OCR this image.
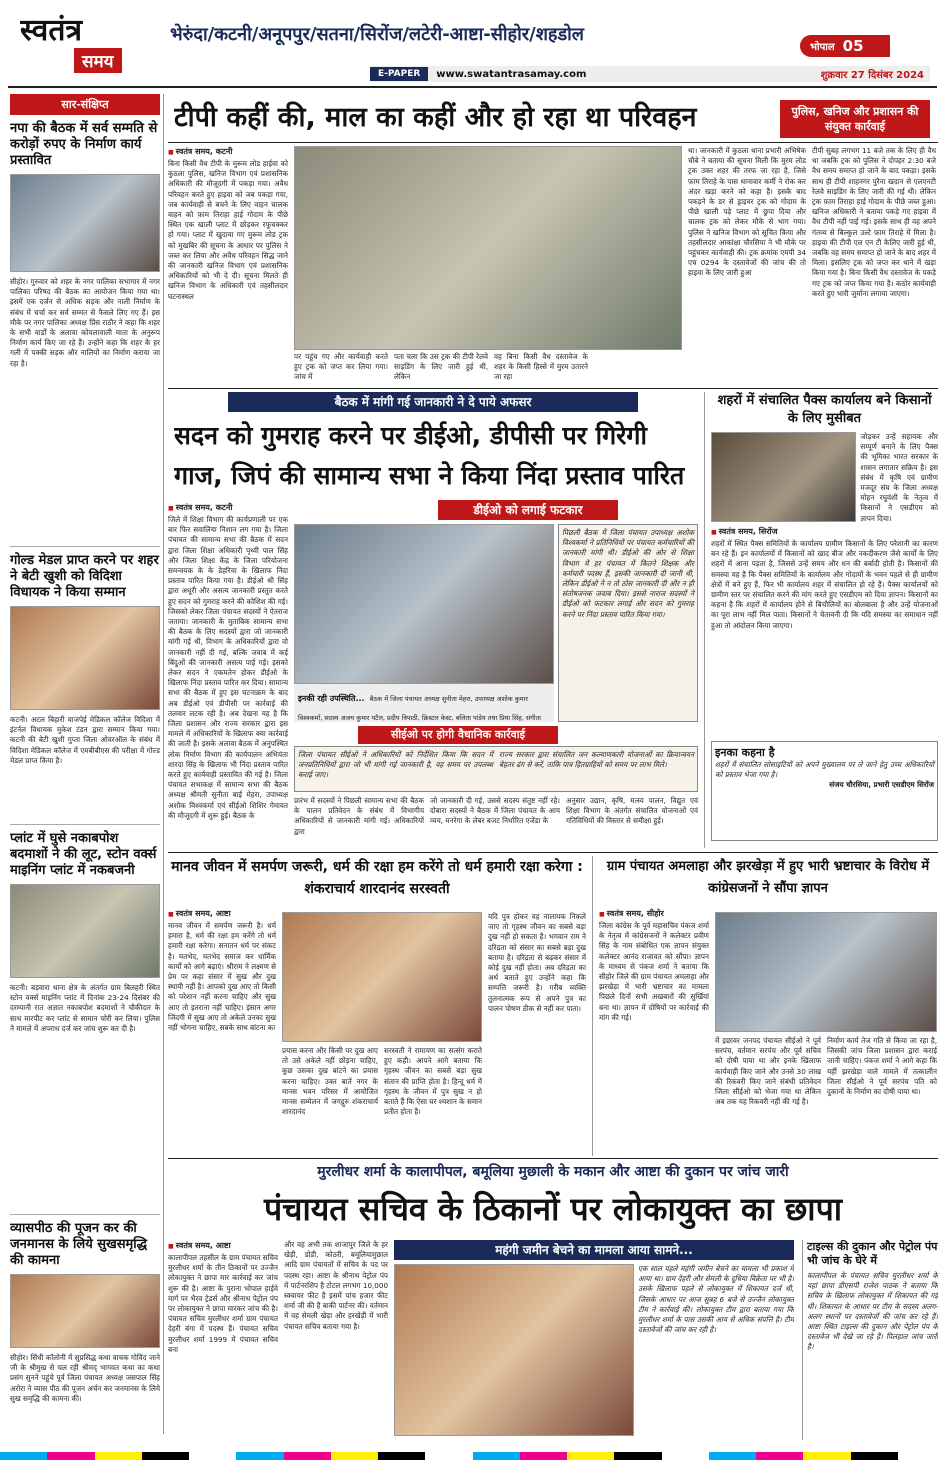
स्वतंत्र
समय
भेरुंदा/कटनी/अनूपपुर/सतना/सिरोंज/लटेरी-आष्टा-सीहोर/शहडोल
भोपाल 05
E-PAPER	www.swatantrasamay.com	शुक्रवार 27 दिसंबर 2024
सार-संक्षिप्त
नपा की बैठक में सर्व सम्मति से करोड़ों रुपए के निर्माण कार्य प्रस्तावित
सीहोर। गुरुवार को शहर के नगर पालिका सभागार में नगर पालिका परिषद की बैठक का आयोजन किया गया था। इसमें एक दर्जन से अधिक सड़क और नाली निर्माण के संबंध में चर्चा कर सर्व सम्मत से फैसले लिए गए हैं। इस मौके पर नगर पालिका अध्यक्ष प्रिंस राठौर ने कहा कि शहर के सभी वार्डों के अलावा कोयलावाली माता के अनुरूप निर्माण कार्य किए जा रहे हैं। उन्होंने कहा कि शहर के हर गली में पक्की सड़क और नालियों का निर्माण कराया जा रहा है।
गोल्ड मेडल प्राप्त करने पर शहर ने बेटी खुशी को विदिशा विधायक ने किया सम्मान
कटनी। अटल बिहारी वाजपेई मेडिकल कॉलेज विदिशा में इंटर्नल विधायक मुकेश टंडन द्वारा सम्मान किया गया। कटनी की बेटी खुशी गुप्ता जिला ओवरऑल के संबंध में विदिशा मेडिकल कॉलेज में एमबीबीएस की परीक्षा में गोल्ड मेडल प्राप्त किया है।
प्लांट में घुसे नकाबपोश बदमाशों ने की लूट, स्टोन वर्क्स माइनिंग प्लांट में नकबजनी
कटनी। बड़वारा थाना क्षेत्र के अंतर्गत ग्राम बिलहरी स्थित स्टोन वर्क्स माइनिंग प्लांट में दिनांक 23-24 दिसंबर की दरम्यानी रात अज्ञात नकाबपोश बदमाशों ने चौकीदार के साथ मारपीट कर प्लांट से सामान चोरी कर लिया। पुलिस ने मामले में अपराध दर्ज कर जांच शुरू कर दी है।
व्यासपीठ की पूजन कर की जनमानस के लिये सुखसमृद्धि की कामना
सीहोर। सिंधी कॉलोनी में सुप्रसिद्ध कथा वाचक गोविंद जाने जी के श्रीमुख से चल रही श्रीमद् भागवत कथा का कथा प्रसंग सुनने पहुंचे पूर्व जिला पंचायत अध्यक्ष जसपाल सिंह अरोरा ने व्यास पीठ की पूजन अर्चन कर जनमानस के लिये सुख समृद्धि की कामना की।
टीपी कहीं की, माल का कहीं और हो रहा था परिवहन	पुलिस, खनिज और प्रशासन की संयुक्त कार्रवाई
■ स्वतंत्र समय, कटनी
बिना किसी वैध टीपी के मुरूम लोड हाईवा को कुठला पुलिस, खनिज विभाग एवं प्रशासनिक अधिकारी की मौजूदगी में पकड़ा गया। अवैध परिवहन करते हुए हाइवा को जब पकड़ा गया, जब कार्यवाही से बचने के लिए वाहन चालक वाहन को फ़ाम तिराहा हाई गोदाम के पीछे स्थित एक खाली प्लाट में छोड़कर रफूचक्कर हो गया। प्लाट में खुदाया गए मुरूम लोड ट्रक को मुखबिर की सूचना के आधार पर पुलिस ने जब्त कर लिया और अवैध परिवहन सिद्ध जाने की जानकारी खनिज विभाग एवं प्रशासनिक अधिकारियों को भी दे दी। सूचना मिलते ही खनिज विभाग के अधिकारी एवं तहसीलदार घटनास्थल
पर पहुंच गए और कार्यवाही करते हुए ट्रक को जप्त कर लिया गया। जांच में
पता चला कि उस ट्रक की टीपी रेलवे साइडिंग के लिए जारी हुई थी, लेकिन
वह बिना किसी वैध दस्तावेज के शहर के किसी हिस्से में मुरम उतारने जा रहा
था। जानकारी में कुठला थाना प्रभारी अभिषेक चौबे ने बताया की सूचना मिली कि मुरम लोड ट्रक उक्त शहर की तरफ जा रहा है, जिसे फ़ाम तिराहे के पास थानावार कर्मी ने रोक कर अंदर खड़ा करने को कहा है। इसके बाद पकड़ने के डर से ड्राइवर ट्रक को गोदाम के पीछे खाली पड़े प्लाट में छुपा दिया और चालक ट्रक को लेकर मौके से भाग गया। पुलिस ने खनिज विभाग को सूचित किया और तहसीलदार आकांक्षा चौरसिया ने भी मौके पर पहुंचकर कार्यवाही की। ट्रक क्रमांक एमपी 34 एच 0294 के दस्तावेजों की जांच की तो हाइवा के लिए जारी हुआ
टीपी सुबह लगभग 11 बजे तक के लिए ही वैध था जबकि ट्रक को पुलिस ने दोपहर 2:30 बजे वैध समय समाप्त हो जाने के बाद पकड़ा। इसके साथ ही टीपी शाहनगर पुरैना खदान से एलएनटी रेलवे साइडिंग के लिए जारी की गई थी। लेकिन ट्रक फ़ाम तिराहा हाई गोदाम के पीछे जब्त हुआ। खनिज अधिकारी ने बताया पकड़े गए हाइवा में वैध टीपी नहीं पाई गई। इसके साथ ही वह अपने गंतव्य से बिल्कुल उल्टे फ़ाम तिराहे में मिला है। हाइवा की टीपी एल एन टी केलिए जारी हुई थी, जबकि वह समय समाप्त हो जाने के बाद शहर में मिला। इसलिए ट्रक को जप्त कर थाने में खड़ा किया गया है। बिना किसी वैध दस्तावेज के पकड़े गए ट्रक को जप्त किया गया है। कठोर कार्यवाही करते हुए भारी जुर्माना लगाया जाएगा।
बैठक में मांगी गई जानकारी ने दे पाये अफसर
सदन को गुमराह करने पर डीईओ, डीपीसी पर गिरेगी गाज, जिपं की सामान्य सभा ने किया निंदा प्रस्ताव पारित
डीईओ को लगाई फटकार
■ स्वतंत्र समय, कटनी
जिले में शिक्षा विभाग की कार्यप्रणाली पर एक बार फिर सवालिया निशान लग गया है। जिला पंचायत की सामान्य सभा की बैठक में सदन द्वारा जिला शिक्षा अधिकारी पृथ्वी पाल सिंह और जिला शिक्षा केंद्र के जिला परियोजना समन्वयक के के डेहरिया के खिलाफ निंदा प्रस्ताव पारित किया गया है। डीईओ श्री सिंह द्वारा अधूरी और असत्य जानकारी प्रस्तुत करते हुए सदन को गुमराह करने की कोशिश की गई। जिसको लेकर जिला पंचायत सदस्यों ने ऐतराज जताया। जानकारी के मुताबिक सामान्य सभा की बैठक के लिए सदस्यों द्वारा जो जानकारी मांगी गई थी, विभाग के अधिकारियों द्वारा वो जानकारी नहीं दी गई, बल्कि जवाब में कई बिंदुओं की जानकारी असत्य पाई गई। इसको लेकर सदन ने एकमतेन होकर डीईओ के खिलाफ निंदा प्रस्ताव पारित कर दिया। सामान्य सभा की बैठक में हुए इस घटनाक्रम के बाद अब डीईओ एवं डीपीसी पर कार्रवाई की तलवार लटक रही है। अब देखना यह है कि जिला प्रशासन और राज्य सरकार द्वारा इस मामले में अधिकारियों के खिलाफ क्या कार्रवाई की जाती है। इसके अलावा बैठक में अनुपस्थित लोक निर्माण विभाग की कार्यपालन अभियंता शारदा सिंह के खिलाफ भी निंदा प्रस्ताव पारित करते हुए कार्यवाही प्रस्तावित की गई है। जिला पंचायत सभाकक्ष में सामान्य सभा की बैठक अध्यक्ष श्रीमती सुनीता बाई मेहरा, उपाध्यक्ष अशोक विश्वकर्मा एवं सीईओ शिशिर गेमावत की मौजूदगी में शुरू हुई। बैठक के
इनकी रही उपस्थिति... बैठक में जिला पंचायत अध्यक्ष सुनीता मेहरा, उपाध्यक्ष अशोक कुमार विश्वकर्मा, सदस्य अजय कुमार पटैल, प्रदीप त्रिपाठी, क्रिस्टल केस्ट, बलिता पांडेय तथा प्रिया सिंह, संगीता
पिछली बैठक में जिला पंचायत उपाध्यक्ष अशोक विश्वकर्मा ने प्रतिनिधियों पर पंचायत कर्मचारियों की जानकारी मांगी थी। डीईओ की ओर से शिक्षा विभाग में हर पंचायत में कितने शिक्षक और कर्मचारी पदस्थ हैं, इसकी जानकारी दी जानी थी, लेकिन डीईओ ने न तो ठोस जानकारी दी और न ही संतोषजनक जवाब दिया। इससे नाराज सदस्यों ने डीईओ को फटकार लगाई और सदन को गुमराह करने पर निंदा प्रस्ताव पारित किया गया।
सीईओ पर होगी वैधानिक कार्रवाई
जिला पंचायत सीईओ ने अधिकारियों को निर्देशित किया कि सदन में जनप्रतिनिधियों द्वारा जो भी मांगी गई जानकारी है, वह समय पर उपलब्ध कराई जाए।
राज्य सरकार द्वारा संचालित जन कल्याणकारी योजनाओं का क्रियान्वयन बेहतर ढंग से करें, ताकि पात्र हितग्राहियों को समय पर लाभ मिले।
प्रारंभ में सदस्यों ने पिछली सामान्य सभा की बैठक के पालन प्रतिवेदन के संबंध में विभागीय अधिकारियों से जानकारी मांगी गई। अधिकारियों द्वारा
जो जानकारी दी गई, उससे सदस्य संतुष्ट नहीं रहे। दोबारा सदस्यों ने बैठक में जिला पंचायत के आय व्यय, मनरेगा के लेबर बजट निर्धारित एजेंडा के
अनुसार उद्यान, कृषि, मत्स्य पालन, विद्युत एवं शिक्षा विभाग के अंतर्गत संचालित योजनाओं एवं गतिविधियों की विस्तार से समीक्षा हुई।
शहरों में संचालित पैक्स कार्यालय बने किसानों के लिए मुसीबत
जोड़कर उन्हें सहायक और सम्पूर्ण बनाने के लिए पैक्स की भूमिका भारत सरकार के शासन लगातार सक्रिय है। इस संबंध में कृषि एवं ग्रामीण मजदूर संघ के जिला अध्यक्ष मोहन रघुवंशी के नेतृत्व में किसानों ने एसडीएम को ज्ञापन दिया।
■ स्वतंत्र समय, सिरोंज
शहरों में स्थित पैक्स समितियों के कार्यालय ग्रामीण किसानों के लिए परेशानी का कारण बन रहे हैं। इन कार्यालयों में किसानों को खाद बीज और नकदीकरण जैसे कार्यों के लिए शहरों में आना पड़ता है, जिससे उन्हें समय और धन की बर्बादी होती है। किसानों की समस्या यह है कि पैक्स समितियों के कार्यालय और गोदामों के भवन पहले से ही ग्रामीण क्षेत्रों में बने हुए हैं, फिर भी कार्यालय शहर में संचालित हो रहे हैं। पैक्स कार्यालयों को ग्रामीण स्तर पर संचालित करने की मांग करते हुए एसडीएम को दिया ज्ञापन। किसानों का कहना है कि शहरों में कार्यालय होने से बिचौलियों का बोलबाला है और उन्हें योजनाओं का पूरा लाभ नहीं मिल पाता। किसानों ने चेतावनी दी कि यदि समस्या का समाधान नहीं हुआ तो आंदोलन किया जाएगा।
इनका कहना है
शहरों में संचालित सोसाइटियों को अपने मुख्यालय पर ले जाने हेतु उच्च अधिकारियों को प्रस्ताव भेजा गया है।
संजय चौरसिया, प्रभारी एसडीएम सिरोंज
मानव जीवन में समर्पण जरूरी, धर्म की रक्षा हम करेंगे तो धर्म हमारी रक्षा करेगा : शंकराचार्य शारदानंद सरस्वती
■ स्वतंत्र समय, आष्टा
मानव जीवन में समर्पण जरूरी है। धर्म हमारा है, धर्म की रक्षा हम करेंगे तो धर्म हमारी रक्षा करेगा। सनातन धर्म पर संकट है। मतभेद, मतभेद समाज कर धार्मिक कार्यों को आगे बढ़ाएं। श्रीराम ने लक्ष्मण से प्रेम पर कहा संसार में सुख और दुख स्थायी नहीं है। आपको दुख आए तो किसी को परेशान नहीं करना चाहिए और सुख आए तो इतराना नहीं चाहिए। इंसान अगर जिंदगी में सुख आए तो अकेले उनका सुख नहीं भोगना चाहिए, सबके साथ बांटना का
प्रयास करना और किसी पर दुख आए तो उसे अकेले नहीं छोड़ना चाहिए, कुछ उसका दुख बांटने का प्रयास करना चाहिए। उक्त बातें नगर के मानस भवन परिसर में आयोजित मानस सम्मेलन में जगद्गुरु शंकराचार्य शारदानंद
सरस्वती ने रामायण का सत्संग कराते हुए कही। आपने आगे बताया कि गृहस्थ जीवन का सबसे बड़ा सुख संतान की प्राप्ति होता है। हिन्दू धर्म में गृहस्थ के जीवन में पुत्र सुख न हो बताते हैं कि ऐसा घर श्मशान के समान प्रतीत होता है।
यदि पुत्र होकर वह नालायक निकले जाए तो गृहस्थ जीवन का सबसे बड़ा दुख नहीं हो सकता है। भगवान राम ने दरिद्रता को संसार का सबसे बड़ा दुख बताया है। दरिद्रता से बढ़कर संसार में कोई दुख नहीं होता। अब दरिद्रता का अर्थ बताते हुए उन्होंने कहा कि सम्पत्ति जरूरी है। गरीब व्यक्ति तुलनात्मक रूप से अपने पुत्र का पालन पोषण ठीक से नहीं कर पाता।
ग्राम पंचायत अमलाहा और झरखेड़ा में हुए भारी भ्रष्टाचार के विरोध में कांग्रेसजनों ने सौंपा ज्ञापन
■ स्वतंत्र समय, सीहोर
जिला कांग्रेस के पूर्व महासचिव पंकज शर्मा के नेतृत्व में कांग्रेसजनों ने कलेक्टर प्रवीण सिंह के नाम संबोधित एक ज्ञापन संयुक्त कलेक्टर आनंद राजावत को सौंपा। ज्ञापन के माध्यम से पंकज शर्मा ने बताया कि सीहोर जिले की ग्राम पंचायत अमलाहा और झरखेड़ा में भारी भ्रष्टाचार का मामला पिछले दिनों सभी अखबारों की सुर्खियां बना था। ज्ञापन में दोषियों पर कार्रवाई की मांग की गई।
में इछावर जनपद पंचायत सीईओ ने पूर्व सरपंच, वर्तमान सरपंच और पूर्व सचिव को दोषी पाया था और इनके खिलाफ कार्यवाही किए जाने और उनसे 30 लाख की रिकवरी किए जाने संबंधी प्रतिवेदन जिला सीईओ को भेजा गया था लेकिन अब तक यह रिकवरी नहीं की गई है।
निर्माण कार्य तेज गति से किया जा रहा है, जिसकी जांच जिला प्रशासन द्वारा कराई जानी चाहिए। पंकज शर्मा ने आगे कहा कि यहीं झरखेड़ा वाले मामले में तत्कालीन जिला सीईओ ने पूर्व सरपंच पति को दुकानों के निर्माण का दोषी पाया था।
मुरलीधर शर्मा के कालापीपल, बमूलिया मुछाली के मकान और आष्टा की दुकान पर जांच जारी
पंचायत सचिव के ठिकानों पर लोकायुक्त का छापा
■ स्वतंत्र समय, आष्टा
कालापीपल तहसील के ग्राम पंचायत सचिव मुरलीधर शर्मा के तीन ठिकानों पर उज्जैन लोकायुक्त ने छापा मार कार्रवाई कर जांच शुरू की है। आष्टा के पुराना भोपाल हाईवे मार्ग पर भैरव ट्रेडर्स और श्रीनाथ पेट्रोल पंप पर लोकायुक्त ने छापा मारकर जांच की है। पंचायत सचिव मुरलीधर शर्मा ग्राम पंचायत देहरी बंगा में पदस्थ हैं। पंचायत सचिव मुरलीधर शर्मा 1999 में पंचायत सचिव बना
और वह अभी तक शाजापुर जिले के हर खेड़ी, डोडी, कोठरी, बमूलियामुछाल आदि ग्राम पंचायतों में सचिव के पद पर पदस्थ रहा। आष्टा के श्रीनाथ पेट्रोल पंप में पार्टनरशिप है टोटल लगभग 10,000 स्क्वायर फीट है इसमें पांच हजार फीट शर्मा जी की है बाकी पार्टनर की। वर्तमान में वह सेमली खेड़ा और हरखेड़ी में भारी पंचायत सचिव बताया गया है।
महंगी जमीन बेचने का मामला आया सामने...
एक साल पहले महंगी जमीन बेचने का मामला भी प्रकाश में आया था। ग्राम देहरी और सेमली के दूधिया विक्रेता पर भी है। उसके खिलाफ पहले से लोकायुक्त में शिकायत दर्ज थी, जिसके आधार पर आज सुबह 6 बजे से उज्जैन लोकायुक्त टीम ने कार्रवाई की। लोकायुक्त टीम द्वारा बताया गया कि मुरलीधर शर्मा के पास उसकी आय से अधिक संपत्ति है। टीम दस्तावेजों की जांच कर रही है।
टाइल्स की दुकान और पेट्रोल पंप भी जांच के घेरे में
कालापीपल के पंचायत सचिव मुरलीधर शर्मा के यहां छापा डीएसपी राजेश पाठक ने बताया कि सचिव के खिलाफ लोकायुक्त में शिकायत की गई थी। शिकायत के आधार पर टीम के सदस्य अलग-अलग स्थानों पर दस्तावेजों की जांच कर रहे हैं। आष्टा स्थित टाइल्स की दुकान और पेट्रोल पंप के दस्तावेज भी देखे जा रहे हैं। पिलहाल जांच जारी है।
